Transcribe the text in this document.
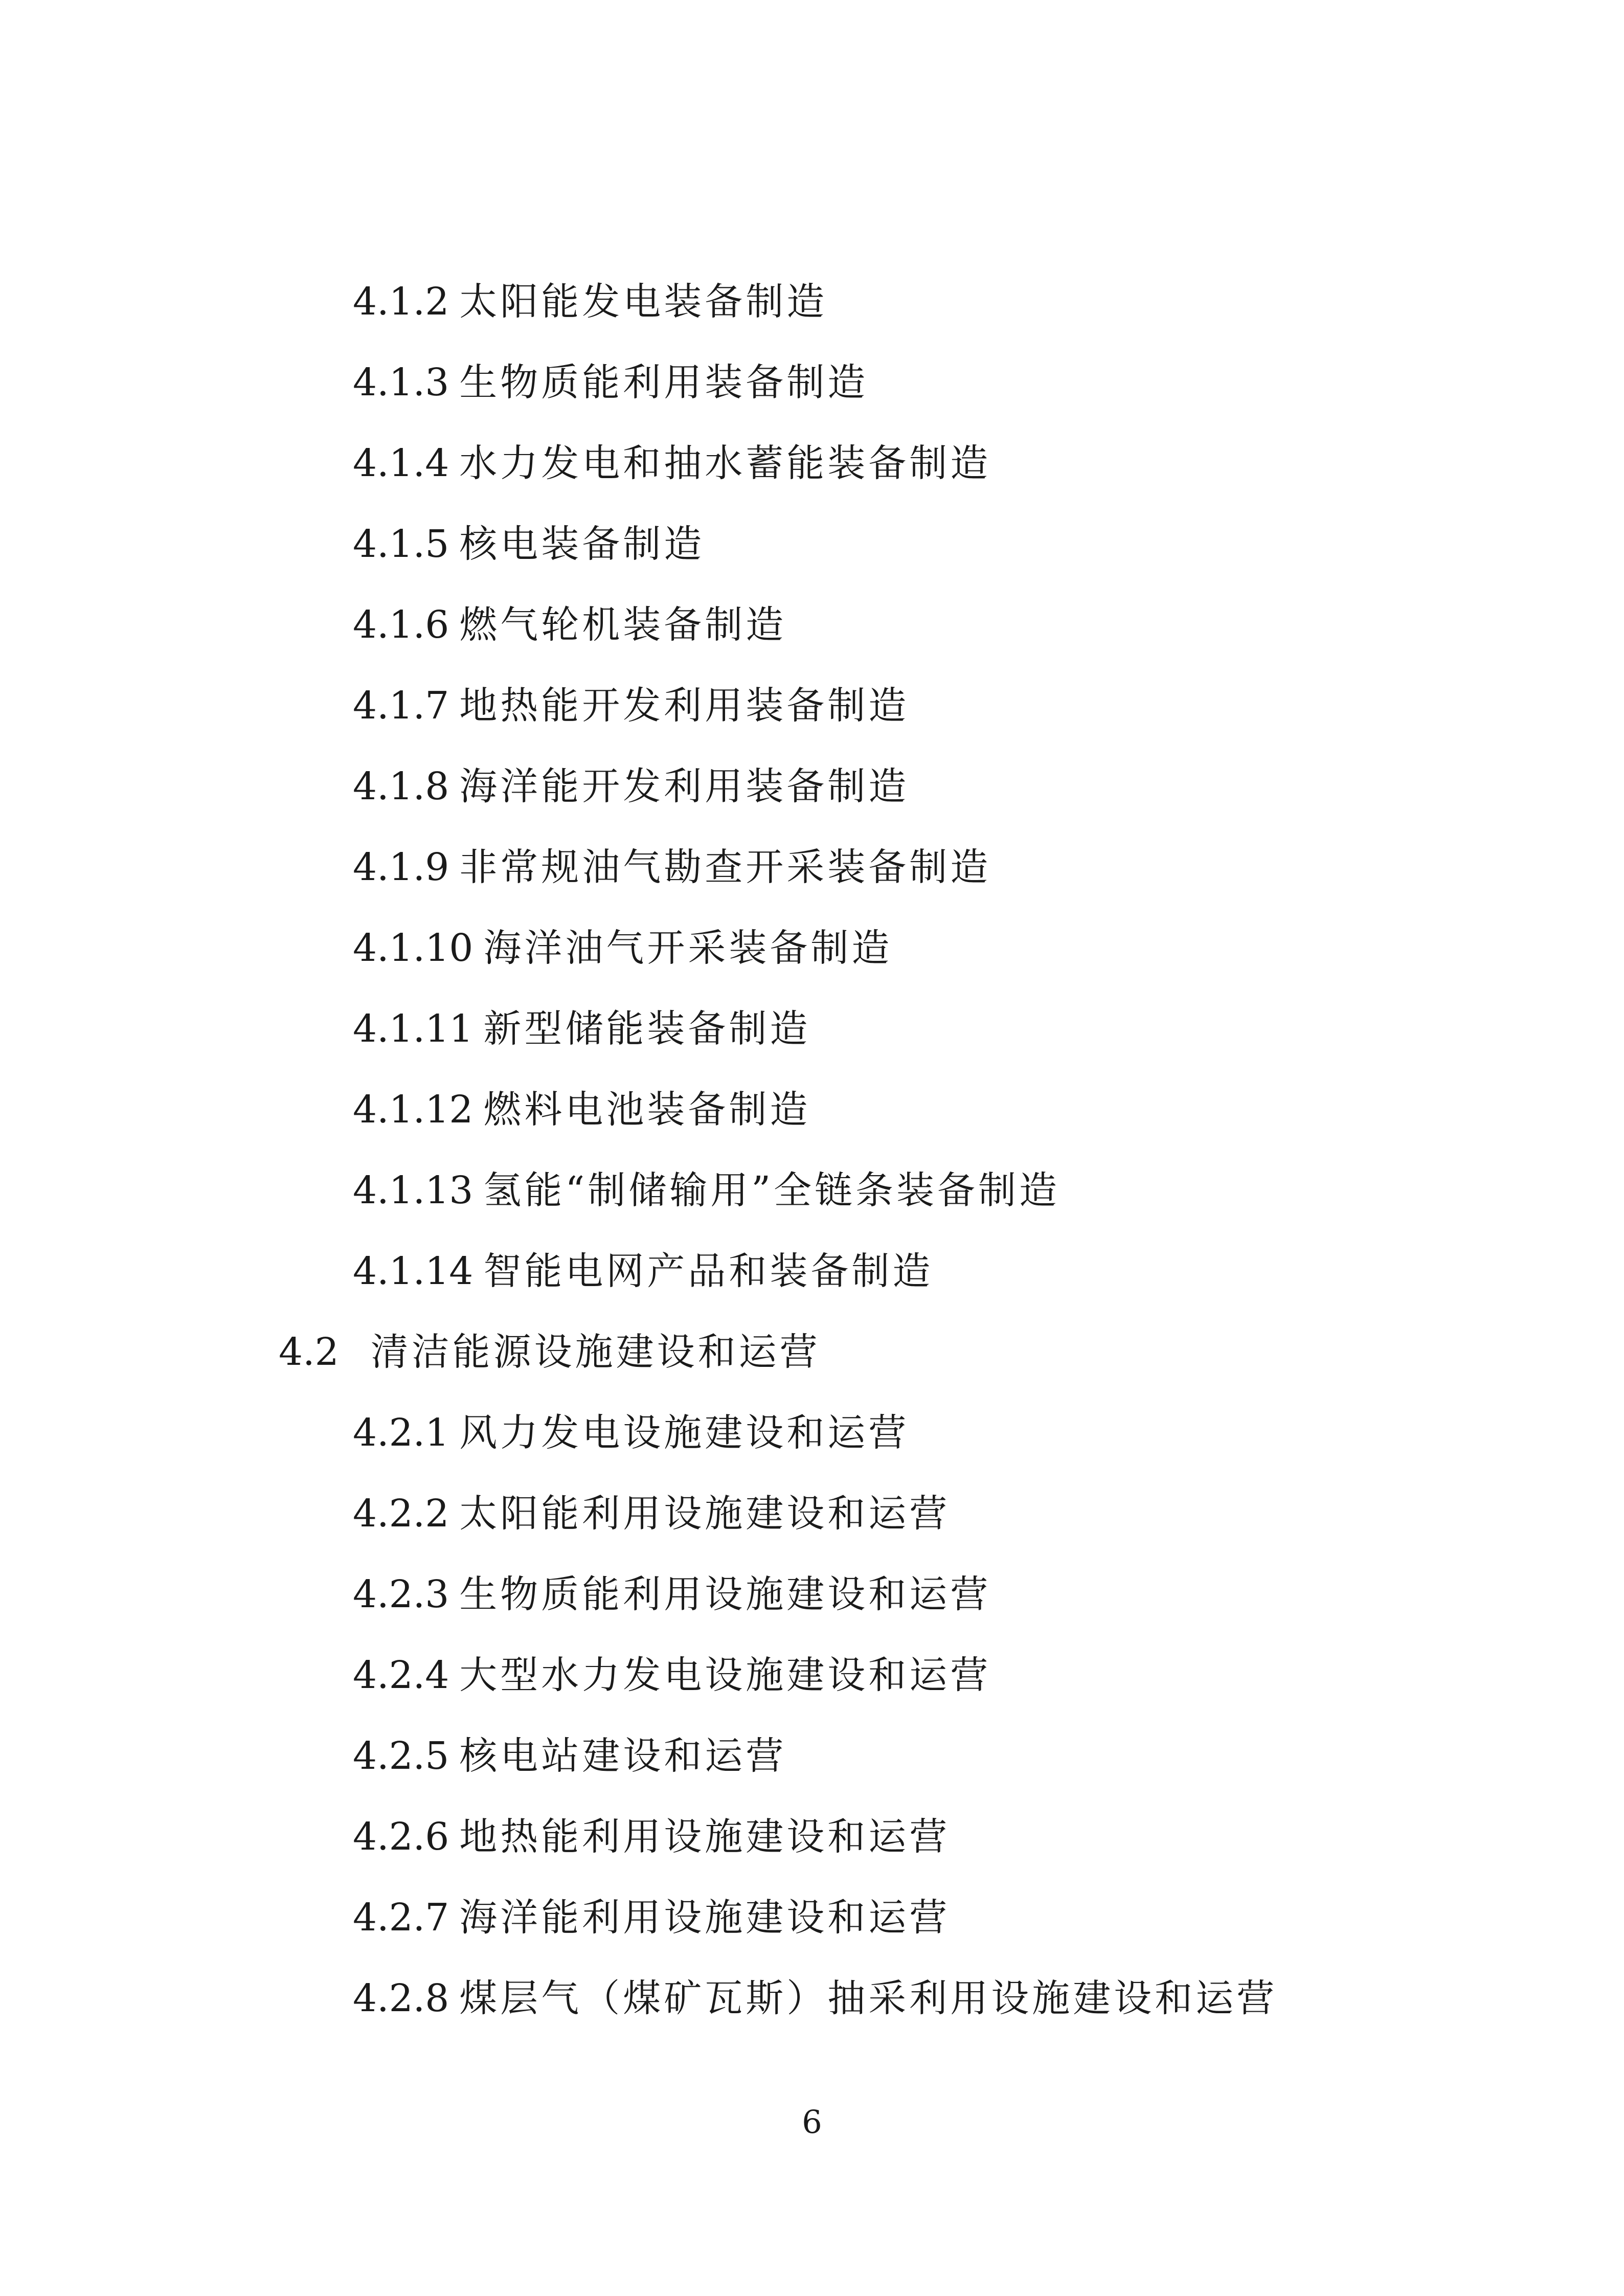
4.1.2 太阳能发电装备制造
4.1.3 生物质能利用装备制造
4.1.4 水力发电和抽水蓄能装备制造
4.1.5 核电装备制造
4.1.6 燃气轮机装备制造
4.1.7 地热能开发利用装备制造
4.1.8 海洋能开发利用装备制造
4.1.9 非常规油气勘查开采装备制造
4.1.10 海洋油气开采装备制造
4.1.11 新型储能装备制造
4.1.12 燃料电池装备制造
4.1.13 氢能“制储输用”全链条装备制造
4.1.14 智能电网产品和装备制造
4.2 清洁能源设施建设和运营
4.2.1 风力发电设施建设和运营
4.2.2 太阳能利用设施建设和运营
4.2.3 生物质能利用设施建设和运营
4.2.4 大型水力发电设施建设和运营
4.2.5 核电站建设和运营
4.2.6 地热能利用设施建设和运营
4.2.7 海洋能利用设施建设和运营
4.2.8 煤层气（煤矿瓦斯）抽采利用设施建设和运营
6
